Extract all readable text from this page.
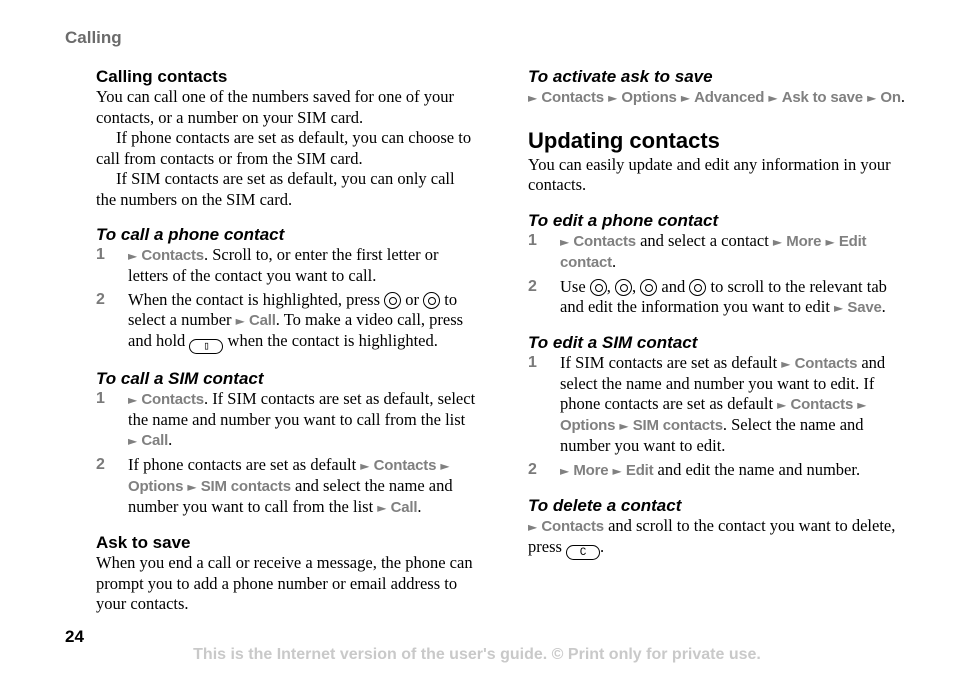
Calling
Calling contacts

You can call one of the numbers saved for one of your contacts, or a number on your SIM card.

If phone contacts are set as default, you can choose to call from contacts or from the SIM card.

If SIM contacts are set as default, you can only call the numbers on the SIM card.

To call a phone contact
1	► Contacts. Scroll to, or enter the first letter or letters of the contact you want to call.
2	When the contact is highlighted, press or to select a number ► Call. To make a video call, press and hold ▯ when the contact is highlighted.
To call a SIM contact
1	► Contacts. If SIM contacts are set as default, select the name and number you want to call from the list ► Call.
2	If phone contacts are set as default ► Contacts ► Options ► SIM contacts and select the name and number you want to call from the list ► Call.
Ask to save

When you end a call or receive a message, the phone can prompt you to add a phone number or email address to your contacts.

To activate ask to save

► Contacts ► Options ► Advanced ► Ask to save ► On.

Updating contacts

You can easily update and edit any information in your contacts.

To edit a phone contact
1	► Contacts and select a contact ► More ► Edit contact.
2	Use , ,  and to scroll to the relevant tab and edit the information you want to edit ► Save.
To edit a SIM contact
1	If SIM contacts are set as default ► Contacts and select the name and number you want to edit. If phone contacts are set as default ► Contacts ► Options ► SIM contacts. Select the name and number you want to edit.
2	► More ► Edit and edit the name and number.
To delete a contact

► Contacts and scroll to the contact you want to delete, press C .

24
This is the Internet version of the user's guide. © Print only for private use.
